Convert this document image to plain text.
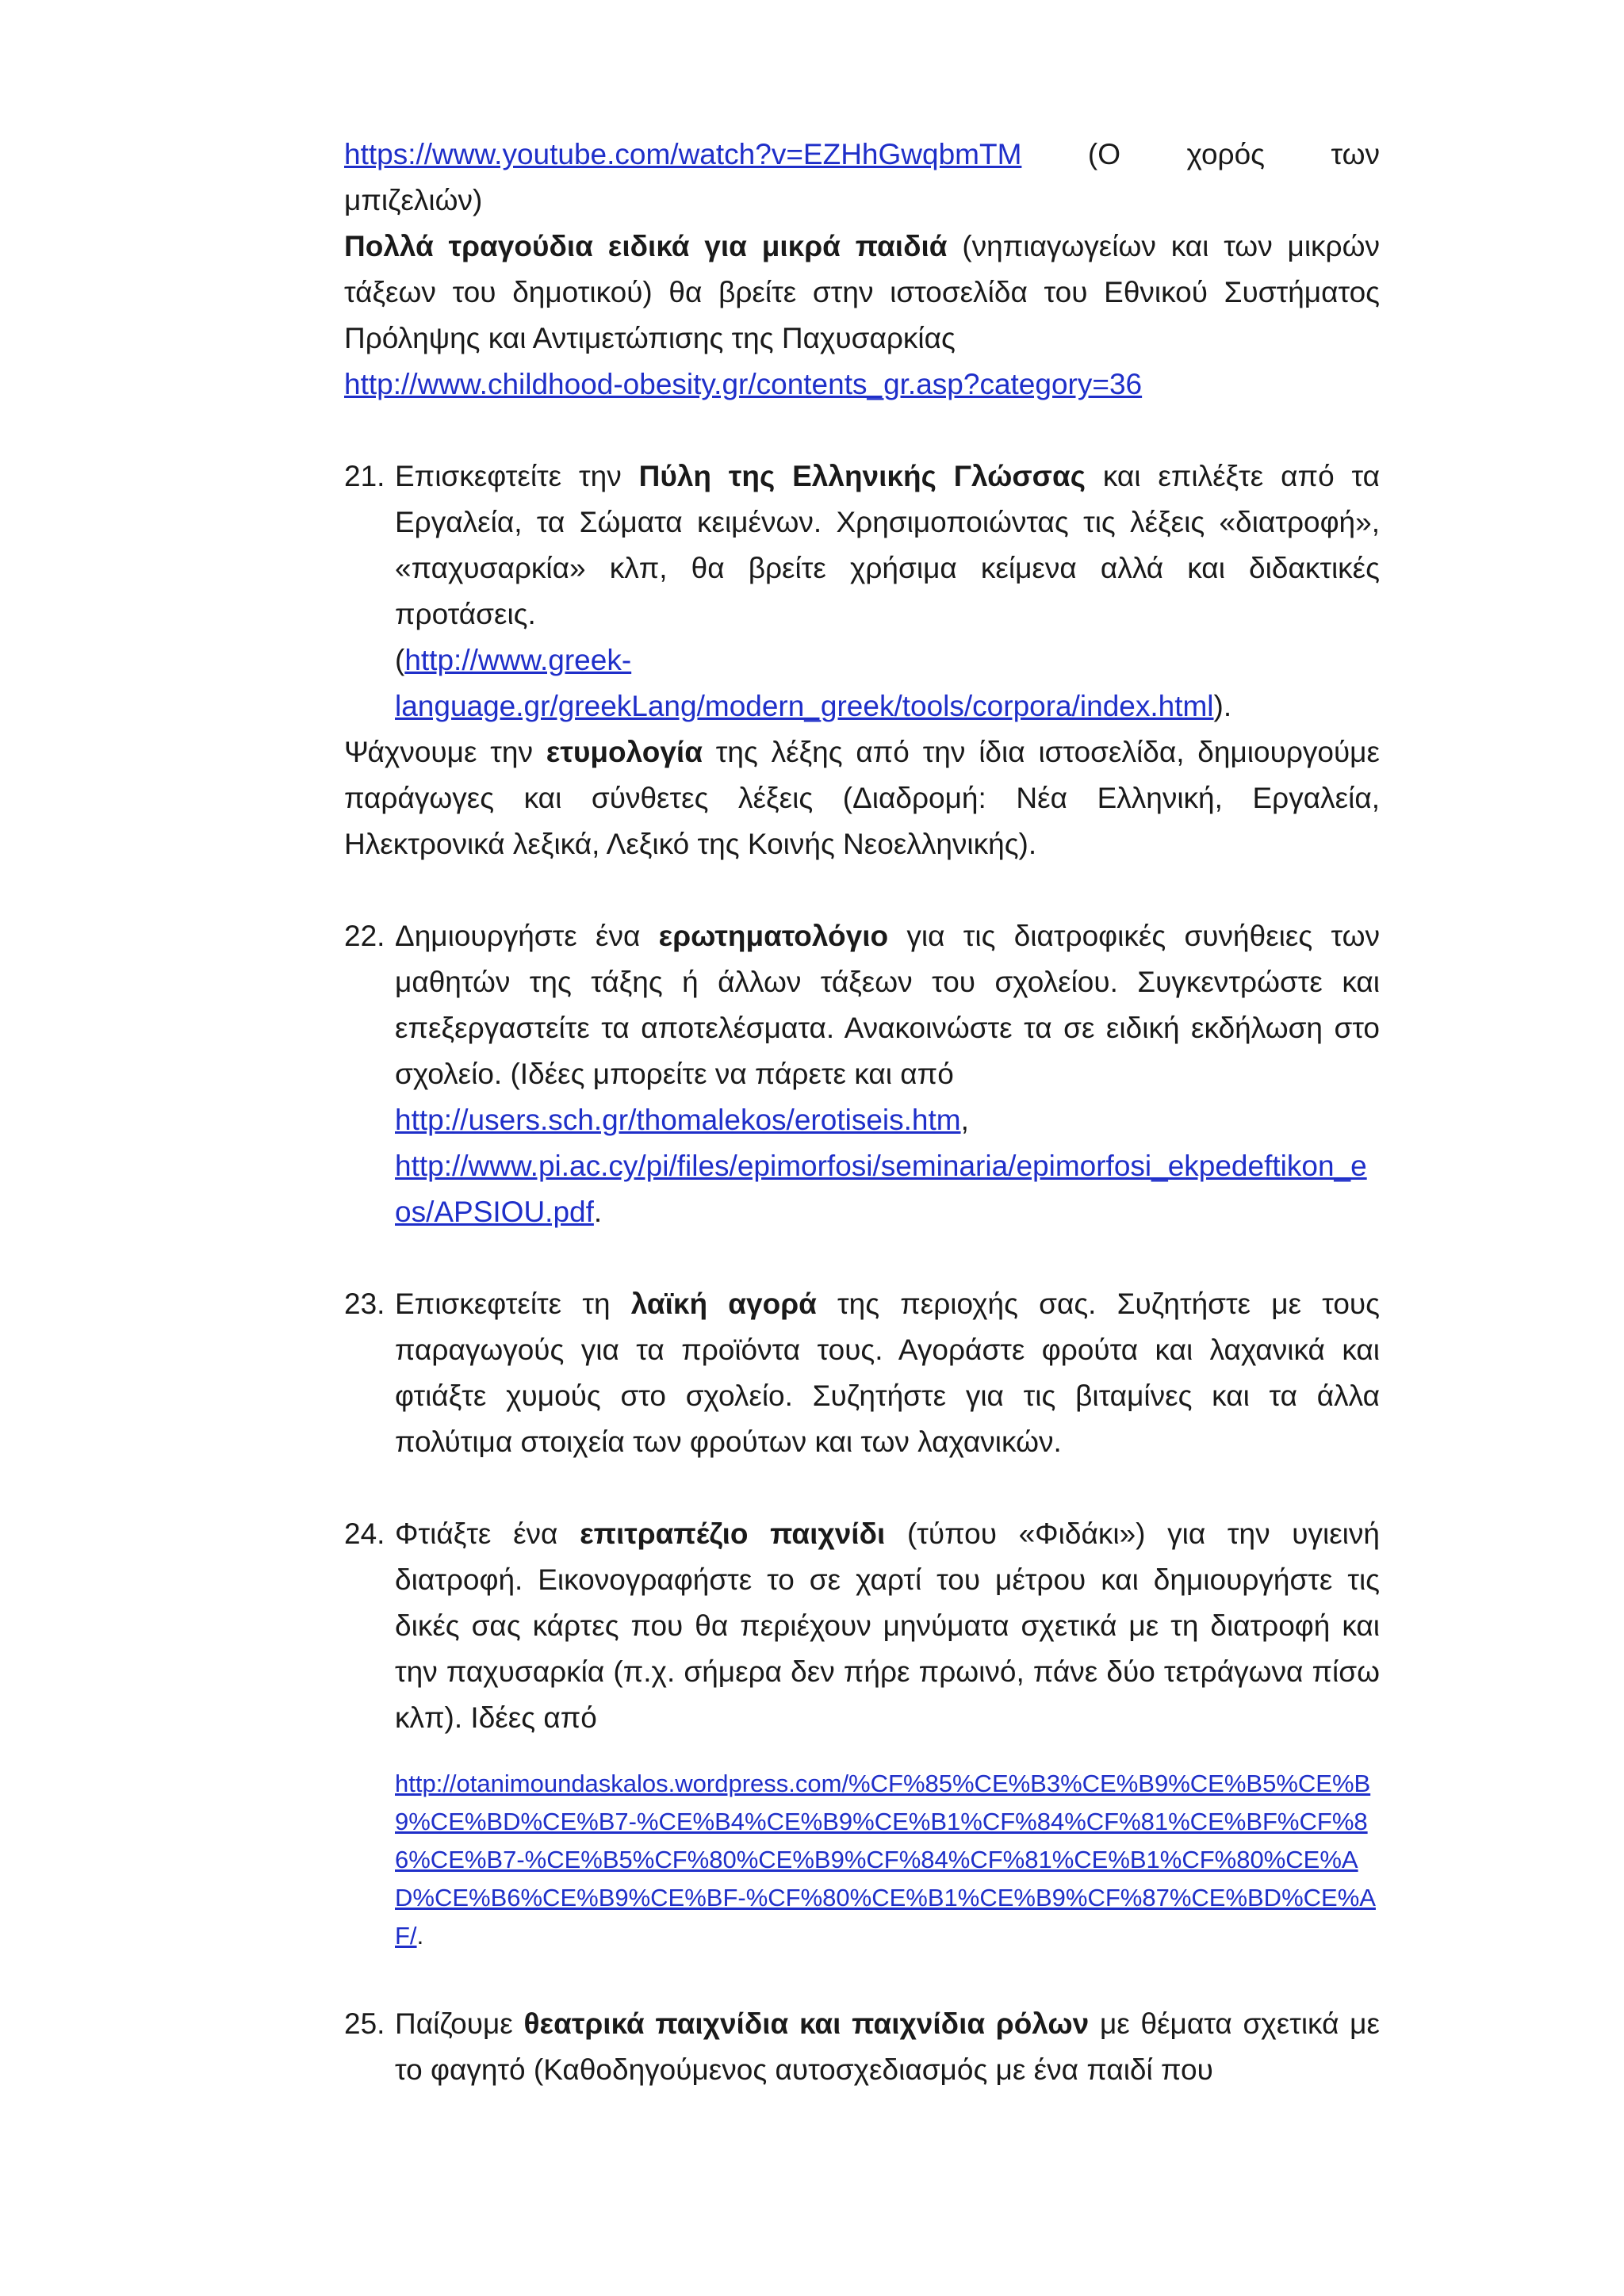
https://www.youtube.com/watch?v=EZHhGwqbmTM (Ο χορός των

μπιζελιών)

Πολλά τραγούδια ειδικά για μικρά παιδιά (νηπιαγωγείων και των μικρών τάξεων του δημοτικού) θα βρείτε στην ιστοσελίδα του Εθνικού Συστήματος Πρόληψης και Αντιμετώπισης της Παχυσαρκίας

http://www.childhood-obesity.gr/contents_gr.asp?category=36

21. Επισκεφτείτε την Πύλη της Ελληνικής Γλώσσας και επιλέξτε από τα Εργαλεία, τα Σώματα κειμένων. Χρησιμοποιώντας τις λέξεις «διατροφή», «παχυσαρκία» κλπ, θα βρείτε χρήσιμα κείμενα αλλά και διδακτικές προτάσεις.
(http://www.greek-
language.gr/greekLang/modern_greek/tools/corpora/index.html).

Ψάχνουμε την ετυμολογία της λέξης από την ίδια ιστοσελίδα, δημιουργούμε παράγωγες και σύνθετες λέξεις (Διαδρομή: Νέα Ελληνική, Εργαλεία, Ηλεκτρονικά λεξικά, Λεξικό της Κοινής Νεοελληνικής).

22. Δημιουργήστε ένα ερωτηματολόγιο για τις διατροφικές συνήθειες των μαθητών της τάξης ή άλλων τάξεων του σχολείου. Συγκεντρώστε και επεξεργαστείτε τα αποτελέσματα. Ανακοινώστε τα σε ειδική εκδήλωση στο σχολείο. (Ιδέες μπορείτε να πάρετε και από
http://users.sch.gr/thomalekos/erotiseis.htm,
http://www.pi.ac.cy/pi/files/epimorfosi/seminaria/epimorfosi_ekpedeftikon_eos/APSIOU.pdf.
23. Επισκεφτείτε τη λαϊκή αγορά της περιοχής σας. Συζητήστε με τους παραγωγούς για τα προϊόντα τους. Αγοράστε φρούτα και λαχανικά και φτιάξτε χυμούς στο σχολείο. Συζητήστε για τις βιταμίνες και τα άλλα πολύτιμα στοιχεία των φρούτων και των λαχανικών.
24. Φτιάξτε ένα επιτραπέζιο παιχνίδι (τύπου «Φιδάκι») για την υγιεινή διατροφή. Εικονογραφήστε το σε χαρτί του μέτρου και δημιουργήστε τις δικές σας κάρτες που θα περιέχουν μηνύματα σχετικά με τη διατροφή και την παχυσαρκία (π.χ. σήμερα δεν πήρε πρωινό, πάνε δύο τετράγωνα πίσω κλπ). Ιδέες από

http://otanimoundaskalos.wordpress.com/%CF%85%CE%B3%CE%B9%CE%B5%CE%B9%CE%BD%CE%B7-%CE%B4%CE%B9%CE%B1%CF%84%CF%81%CE%BF%CF%86%CE%B7-%CE%B5%CF%80%CE%B9%CF%84%CF%81%CE%B1%CF%80%CE%AD%CE%B6%CE%B9%CE%BF-%CF%80%CE%B1%CE%B9%CF%87%CE%BD%CE%AF/.

25. Παίζουμε θεατρικά παιχνίδια και παιχνίδια ρόλων με θέματα σχετικά με το φαγητό (Καθοδηγούμενος αυτοσχεδιασμός με ένα παιδί που
